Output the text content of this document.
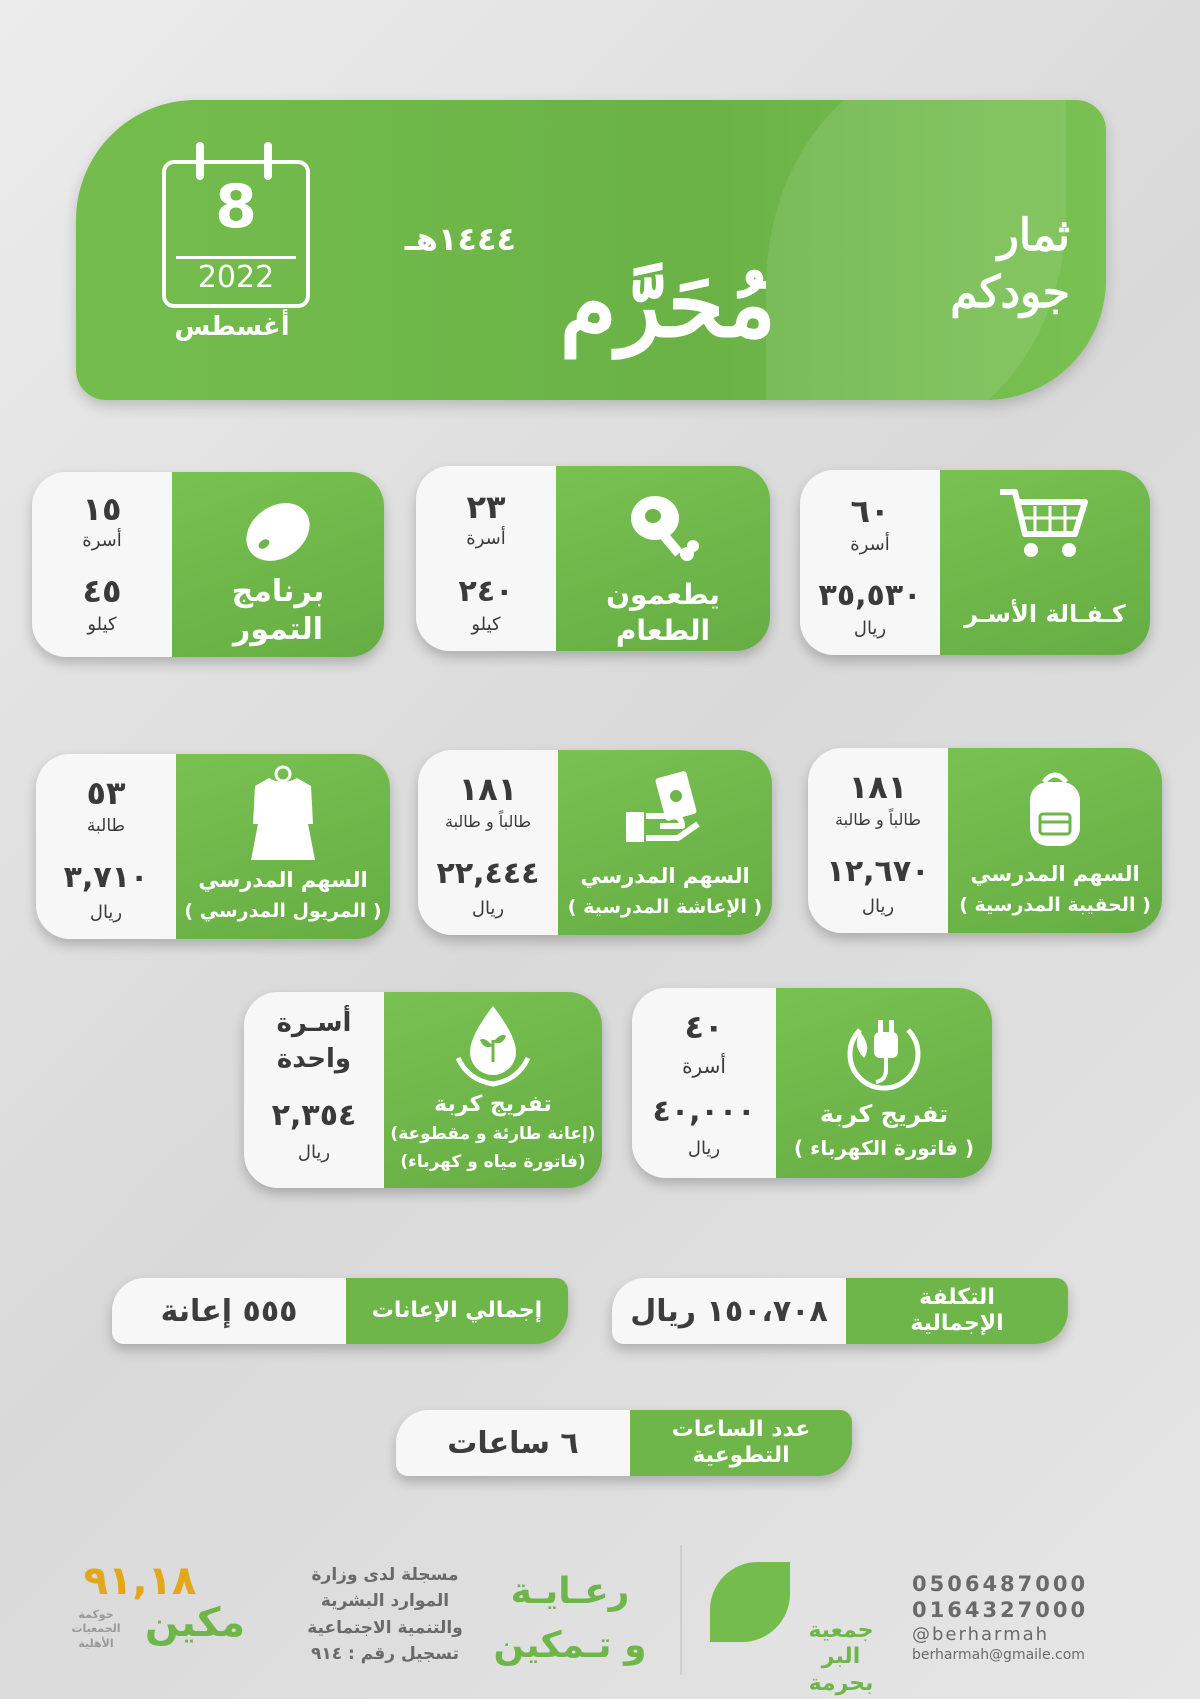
ثمار
جودكم
مُحَرَّم
١٤٤٤هـ
8
2022
أغسطس
كـفـالة الأسـر
٦٠
أسرة
٣٥,٥٣٠
ريال
يطعمون
الطعام
٢٣
أسرة
٢٤٠
كيلو
برنامج
التمور
١٥
أسرة
٤٥
كيلو
السهم المدرسي
( الحقيبة المدرسية )
١٨١
طالباً و طالبة
١٢,٦٧٠
ريال
السهم المدرسي
( الإعاشة المدرسية )
١٨١
طالباً و طالبة
٢٢,٤٤٤
ريال
السهم المدرسي
( المريول المدرسي )
٥٣
طالبة
٣,٧١٠
ريال
تفريج كربة
( فاتورة الكهرباء )
٤٠
أسرة
٤٠,٠٠٠
ريال
تفريج كربة
(إعانة طارئة و مقطوعة)
(فاتورة مياه و كهرباء)
أسـرة
واحدة
٢,٣٥٤
ريال
التكلفة
الإجمالية
١٥٠،٧٠٨ ريال
إجمالي الإعانات
٥٥٥ إعانة
عدد الساعات
التطوعية
٦ ساعات
0506487000
0164327000
@berharmah
berharmah@gmaile.com
جمعية
البر بحرمة
رعـايـة
و تـمكين
مسجلة لدى وزارة
الموارد البشرية
والتنمية الاجتماعية
تسجيل رقم : ٩١٤
٩١,١٨
مكين
حوكمة
الجمعيات
الأهلية
